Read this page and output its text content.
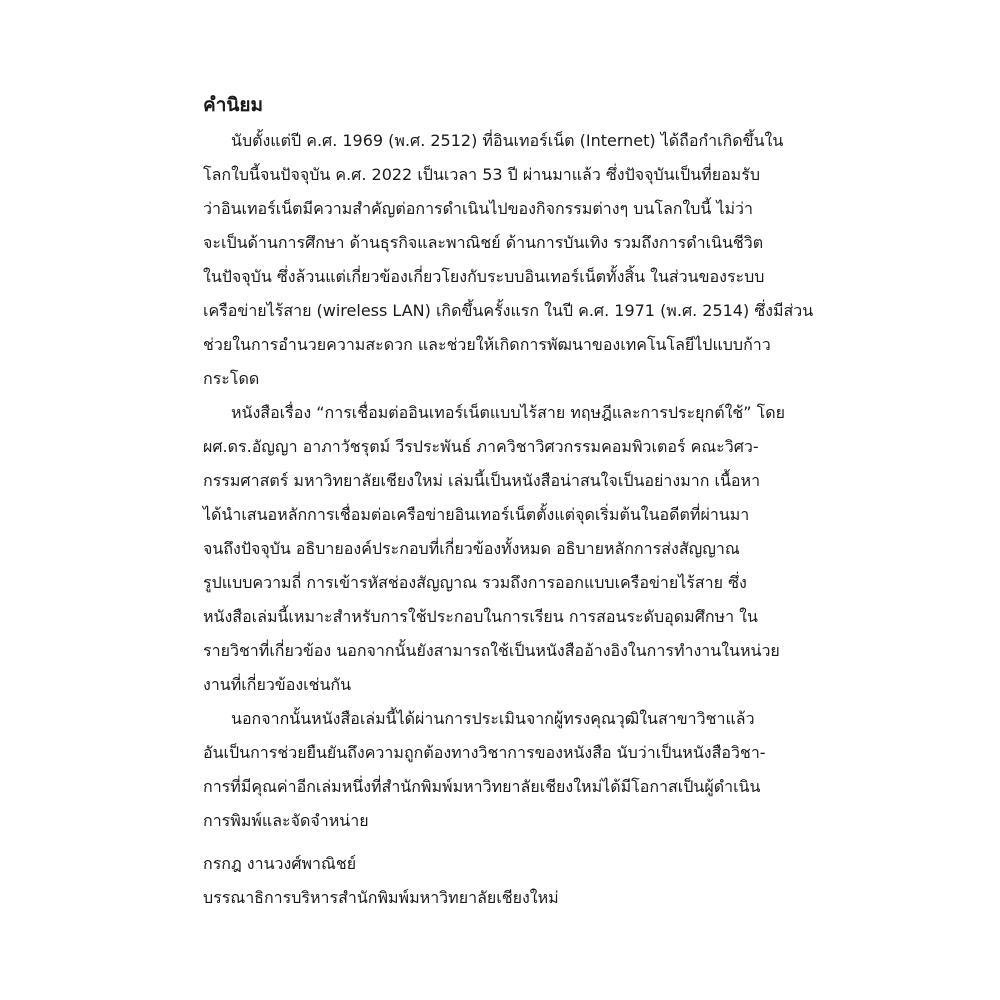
คำนิยม

นับตั้งแต่ปี ค.ศ. 1969 (พ.ศ. 2512) ที่อินเทอร์เน็ต (Internet) ได้ถือกำเกิดขึ้นใน
โลกใบนี้จนปัจจุบัน ค.ศ. 2022 เป็นเวลา 53 ปี ผ่านมาแล้ว ซึ่งปัจจุบันเป็นที่ยอมรับ
ว่าอินเทอร์เน็ตมีความสำคัญต่อการดำเนินไปของกิจกรรมต่างๆ บนโลกใบนี้ ไม่ว่า
จะเป็นด้านการศึกษา ด้านธุรกิจและพาณิชย์ ด้านการบันเทิง รวมถึงการดำเนินชีวิต
ในปัจจุบัน ซึ่งล้วนแต่เกี่ยวข้องเกี่ยวโยงกับระบบอินเทอร์เน็ตทั้งสิ้น ในส่วนของระบบ
เครือข่ายไร้สาย (wireless LAN) เกิดขึ้นครั้งแรก ในปี ค.ศ. 1971 (พ.ศ. 2514) ซึ่งมีส่วน
ช่วยในการอำนวยความสะดวก และช่วยให้เกิดการพัฒนาของเทคโนโลยีไปแบบก้าว
กระโดด

หนังสือเรื่อง “การเชื่อมต่ออินเทอร์เน็ตแบบไร้สาย ทฤษฎีและการประยุกต์ใช้” โดย
ผศ.ดร.อัญญา อาภาวัชรุตม์ วีรประพันธ์ ภาควิชาวิศวกรรมคอมพิวเตอร์ คณะวิศว-
กรรมศาสตร์ มหาวิทยาลัยเชียงใหม่ เล่มนี้เป็นหนังสือน่าสนใจเป็นอย่างมาก เนื้อหา
ได้นำเสนอหลักการเชื่อมต่อเครือข่ายอินเทอร์เน็ตตั้งแต่จุดเริ่มต้นในอดีตที่ผ่านมา
จนถึงปัจจุบัน อธิบายองค์ประกอบที่เกี่ยวข้องทั้งหมด อธิบายหลักการส่งสัญญาณ
รูปแบบความถี่ การเข้ารหัสช่องสัญญาณ รวมถึงการออกแบบเครือข่ายไร้สาย ซึ่ง
หนังสือเล่มนี้เหมาะสำหรับการใช้ประกอบในการเรียน การสอนระดับอุดมศึกษา ใน
รายวิชาที่เกี่ยวข้อง นอกจากนั้นยังสามารถใช้เป็นหนังสืออ้างอิงในการทำงานในหน่วย
งานที่เกี่ยวข้องเช่นกัน

นอกจากนั้นหนังสือเล่มนี้ได้ผ่านการประเมินจากผู้ทรงคุณวุฒิในสาขาวิชาแล้ว
อันเป็นการช่วยยืนยันถึงความถูกต้องทางวิชาการของหนังสือ นับว่าเป็นหนังสือวิชา-
การที่มีคุณค่าอีกเล่มหนึ่งที่สำนักพิมพ์มหาวิทยาลัยเชียงใหม่ได้มีโอกาสเป็นผู้ดำเนิน
การพิมพ์และจัดจำหน่าย

กรกฎ งานวงศ์พาณิชย์
บรรณาธิการบริหารสำนักพิมพ์มหาวิทยาลัยเชียงใหม่
